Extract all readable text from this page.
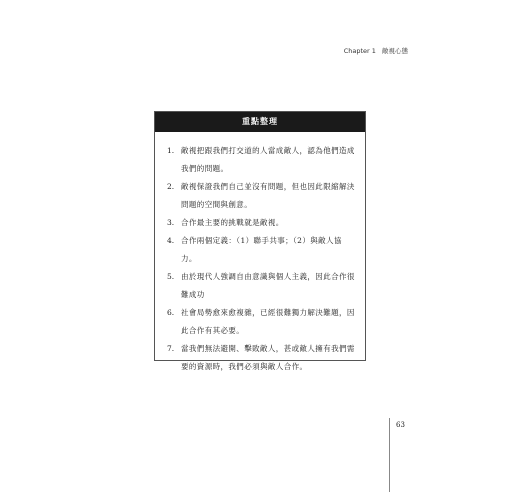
Chapter 1 敵視心態
重點整理
1. 敵視把跟我們打交道的人當成敵人，認為他們造成我們的問題。
2. 敵視保證我們自己並沒有問題，但也因此限縮解決問題的空間與創意。
3. 合作最主要的挑戰就是敵視。
4. 合作兩個定義：（1）聯手共事；（2）與敵人協力。
5. 由於現代人強調自由意識與個人主義，因此合作很難成功
6. 社會局勢愈來愈複雜，已經很難獨力解決難題，因此合作有其必要。
7. 當我們無法避開、擊敗敵人，甚或敵人擁有我們需要的資源時，我們必須與敵人合作。
63
